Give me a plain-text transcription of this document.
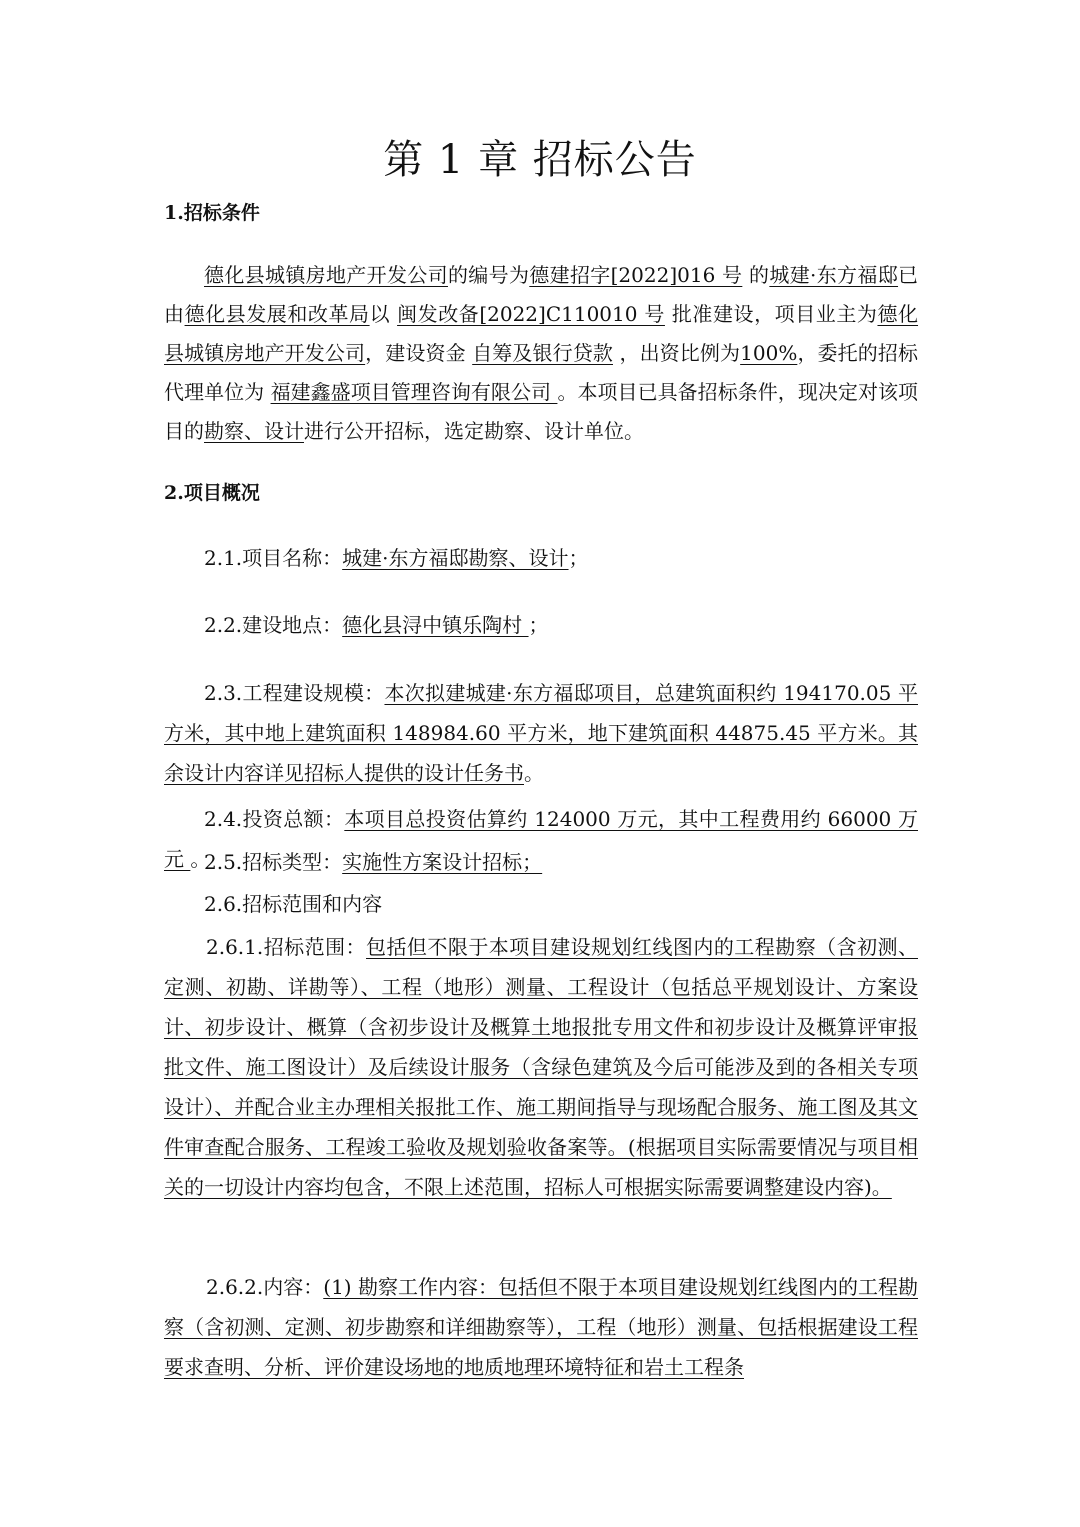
第 1 章 招标公告
1.招标条件

德化县城镇房地产开发公司的编号为德建招字[2022]016 号 的城建·东方福邸已由德化县发展和改革局以 闽发改备[2022]C110010 号 批准建设，项目业主为德化县城镇房地产开发公司，建设资金 自筹及银行贷款 ，出资比例为100%，委托的招标代理单位为 福建鑫盛项目管理咨询有限公司 。本项目已具备招标条件，现决定对该项目的勘察、设计进行公开招标，选定勘察、设计单位。

2.项目概况

2.1.项目名称：城建·东方福邸勘察、设计；

2.2.建设地点：德化县浔中镇乐陶村 ；

2.3.工程建设规模：本次拟建城建·东方福邸项目，总建筑面积约 194170.05 平方米，其中地上建筑面积 148984.60 平方米，地下建筑面积 44875.45 平方米。其余设计内容详见招标人提供的设计任务书。

2.4.投资总额：本项目总投资估算约 124000 万元，其中工程费用约 66000 万元 。

2.5.招标类型：实施性方案设计招标；

2.6.招标范围和内容

2.6.1.招标范围：包括但不限于本项目建设规划红线图内的工程勘察（含初测、定测、初勘、详勘等）、工程（地形）测量、工程设计（包括总平规划设计、方案设计、初步设计、概算（含初步设计及概算土地报批专用文件和初步设计及概算评审报批文件、施工图设计）及后续设计服务（含绿色建筑及今后可能涉及到的各相关专项设计）、并配合业主办理相关报批工作、施工期间指导与现场配合服务、施工图及其文件审查配合服务、工程竣工验收及规划验收备案等。(根据项目实际需要情况与项目相关的一切设计内容均包含，不限上述范围，招标人可根据实际需要调整建设内容)。

2.6.2.内容：(1) 勘察工作内容：包括但不限于本项目建设规划红线图内的工程勘察（含初测、定测、初步勘察和详细勘察等），工程（地形）测量、包括根据建设工程要求查明、分析、评价建设场地的地质地理环境特征和岩土工程条
